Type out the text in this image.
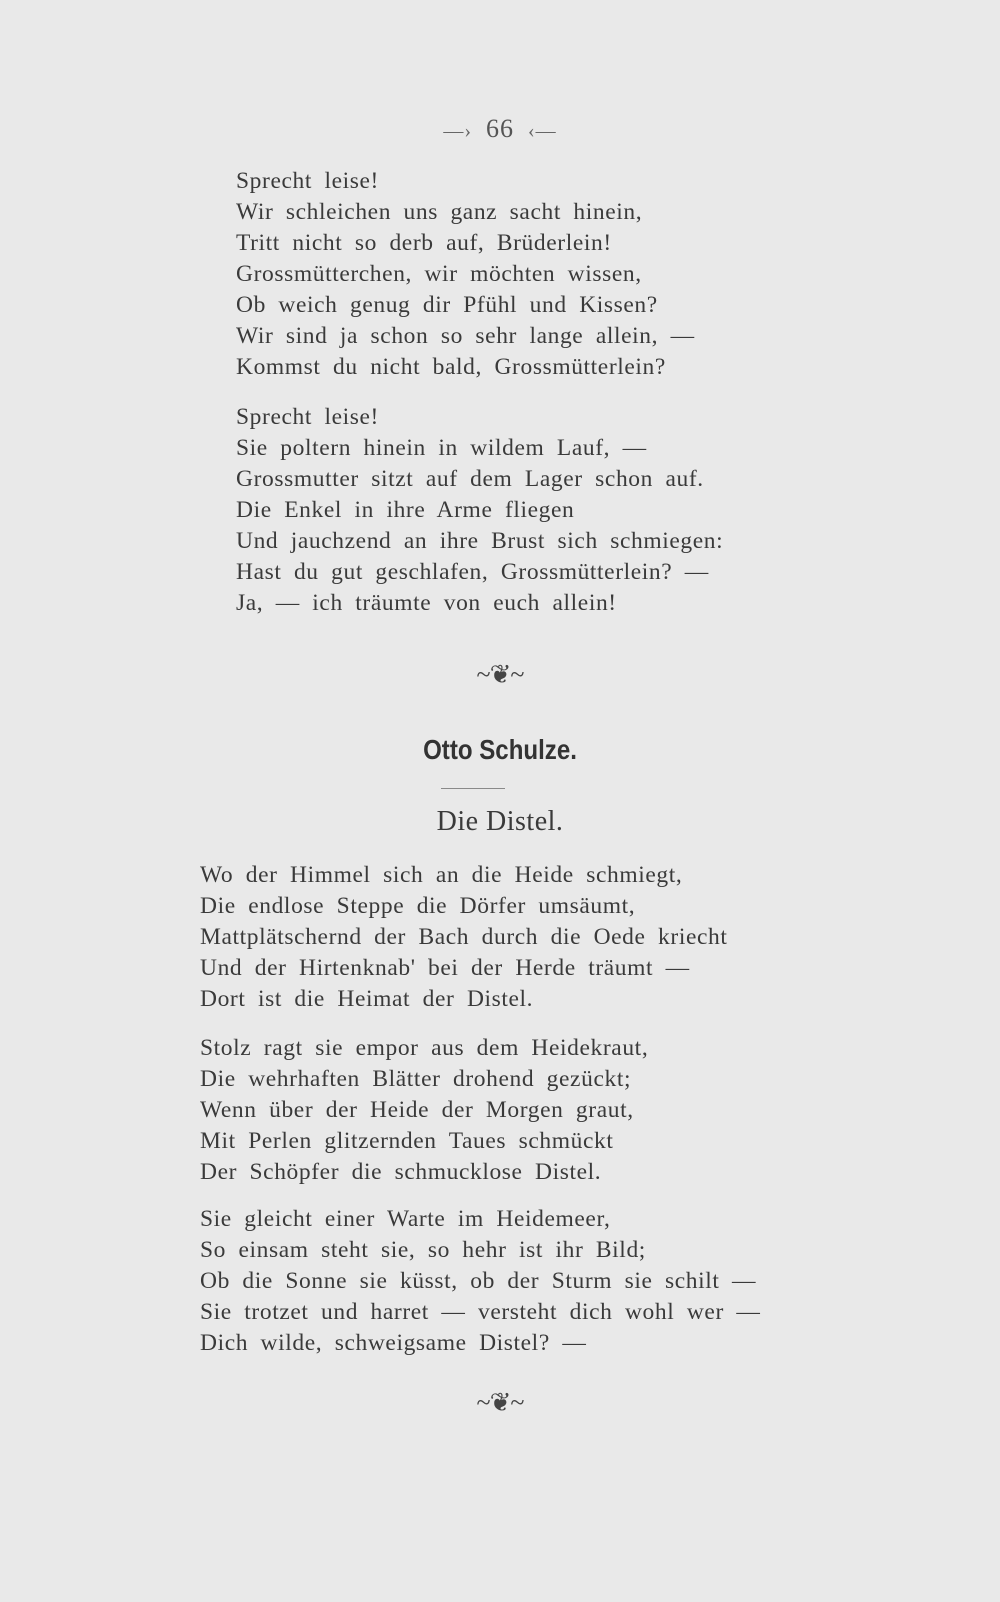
—› 66 ‹—
Sprecht leise!
Wir schleichen uns ganz sacht hinein,
Tritt nicht so derb auf, Brüderlein!
Grossmütterchen, wir möchten wissen,
Ob weich genug dir Pfühl und Kissen?
Wir sind ja schon so sehr lange allein, —
Kommst du nicht bald, Grossmütterlein?
Sprecht leise!
Sie poltern hinein in wildem Lauf, —
Grossmutter sitzt auf dem Lager schon auf.
Die Enkel in ihre Arme fliegen
Und jauchzend an ihre Brust sich schmiegen:
Hast du gut geschlafen, Grossmütterlein? —
Ja, — ich träumte von euch allein!
~❦~
Otto Schulze.
Die Distel.
Wo der Himmel sich an die Heide schmiegt,
Die endlose Steppe die Dörfer umsäumt,
Mattplätschernd der Bach durch die Oede kriecht
Und der Hirtenknab' bei der Herde träumt —
Dort ist die Heimat der Distel.
Stolz ragt sie empor aus dem Heidekraut,
Die wehrhaften Blätter drohend gezückt;
Wenn über der Heide der Morgen graut,
Mit Perlen glitzernden Taues schmückt
Der Schöpfer die schmucklose Distel.
Sie gleicht einer Warte im Heidemeer,
So einsam steht sie, so hehr ist ihr Bild;
Ob die Sonne sie küsst, ob der Sturm sie schilt —
Sie trotzet und harret — versteht dich wohl wer —
Dich wilde, schweigsame Distel? —
~❦~
